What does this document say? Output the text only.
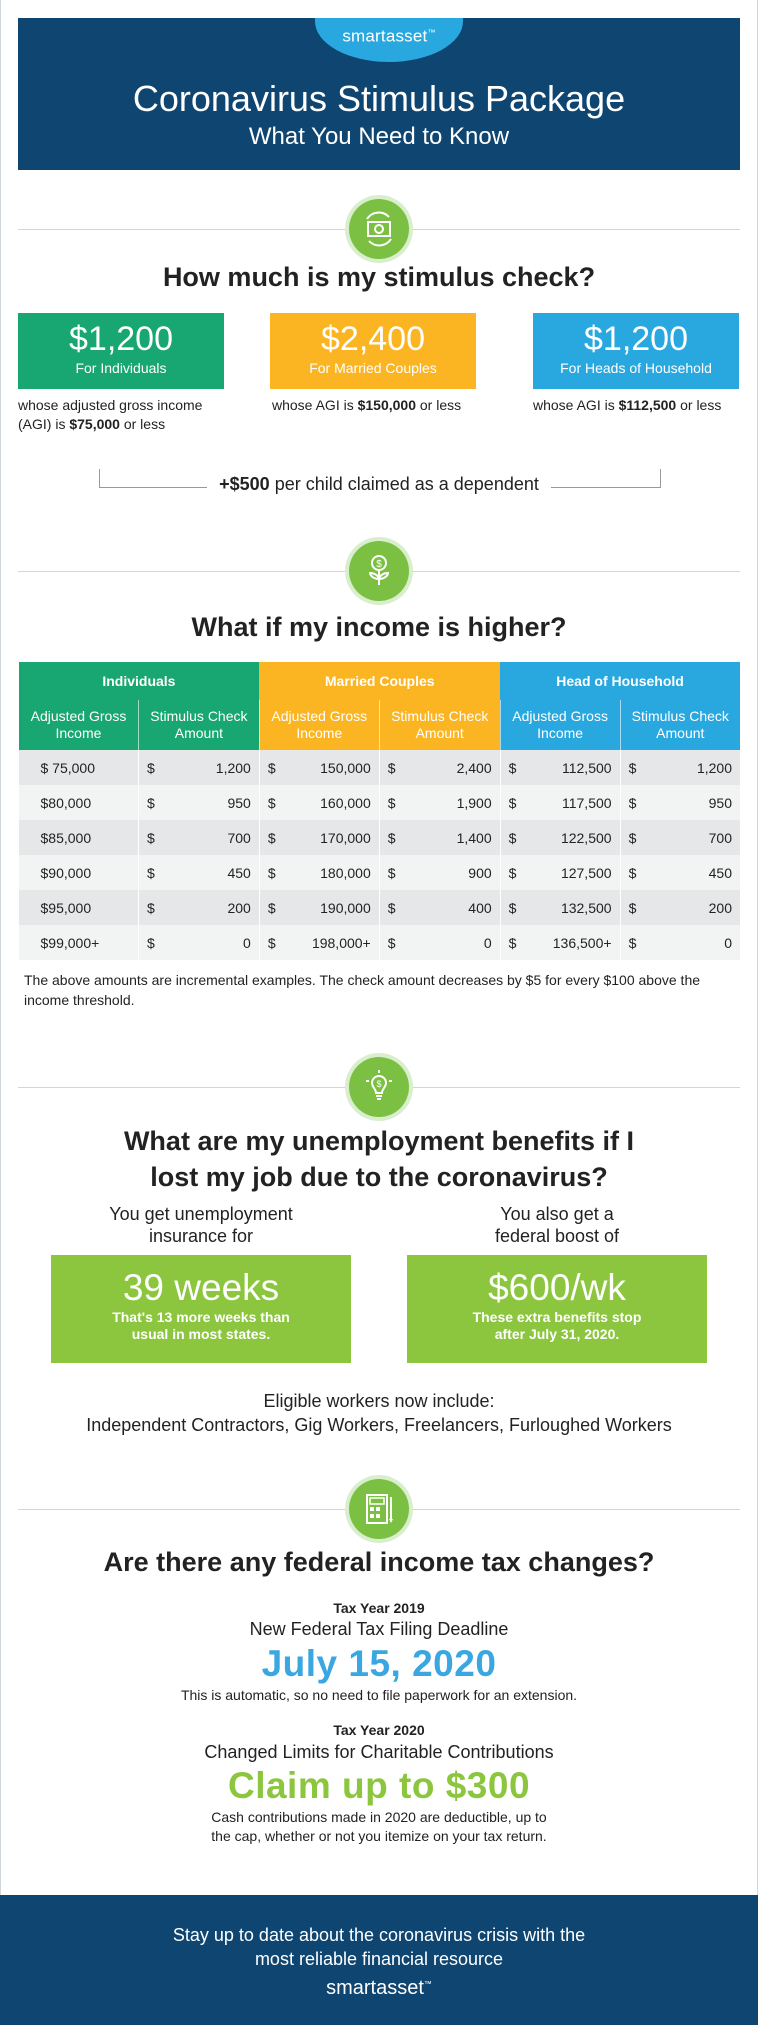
smartasset™
Coronavirus Stimulus Package
What You Need to Know
How much is my stimulus check?
$1,200
For Individuals
whose adjusted gross income (AGI) is $75,000 or less
$2,400
For Married Couples
whose AGI is $150,000 or less
$1,200
For Heads of Household
whose AGI is $112,500 or less
+$500 per child claimed as a dependent
$
What if my income is higher?
Individuals		Married Couples		Head of Household	
Adjusted Gross Income	Stimulus Check Amount	Adjusted Gross Income	Stimulus Check Amount	Adjusted Gross Income	Stimulus Check Amount
$ 75,000	$ 1,200	$ 150,000	$ 2,400	$ 112,500	$ 1,200

$80,000	$ 950	$ 160,000	$ 1,900	$ 117,500	$ 950

$85,000	$ 700	$ 170,000	$ 1,400	$ 122,500	$ 700

$90,000	$ 450	$ 180,000	$ 900	$ 127,500	$ 450

$95,000	$ 200	$ 190,000	$ 400	$ 132,500	$ 200

$99,000+	$ 0	$ 198,000+	$ 0	$ 136,500+	$ 0
The above amounts are incremental examples. The check amount decreases by $5 for every $100 above the income threshold.
$
What are my unemployment benefits if I
lost my job due to the coronavirus?
You get unemployment
insurance for
You also get a
federal boost of
39 weeks
That's 13 more weeks than
usual in most states.
$600/wk
These extra benefits stop
after July 31, 2020.
Eligible workers now include:
Independent Contractors, Gig Workers, Freelancers, Furloughed Workers
Are there any federal income tax changes?
Tax Year 2019
New Federal Tax Filing Deadline
July 15, 2020
This is automatic, so no need to file paperwork for an extension.
Tax Year 2020
Changed Limits for Charitable Contributions
Claim up to $300
Cash contributions made in 2020 are deductible, up to
the cap, whether or not you itemize on your tax return.
Stay up to date about the coronavirus crisis with the
most reliable financial resource
smartasset™
